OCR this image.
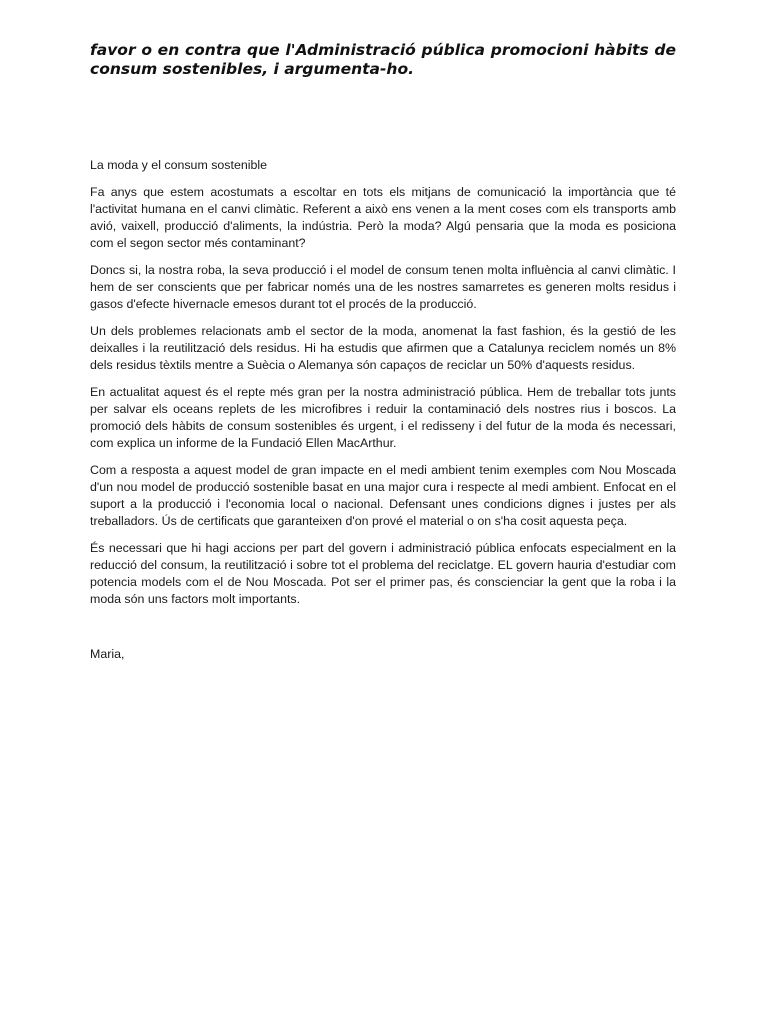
favor o en contra que l'Administració pública promocioni hàbits de consum sostenibles, i argumenta-ho.

La moda y el consum sostenible

Fa anys que estem acostumats a escoltar en tots els mitjans de comunicació la importància que té l'activitat humana en el canvi climàtic. Referent a això ens venen a la ment coses com els transports amb avió, vaixell, producció d'aliments, la indústria. Però la moda? Algú pensaria que la moda es posiciona com el segon sector més contaminant?

Doncs si, la nostra roba, la seva producció i el model de consum tenen molta influència al canvi climàtic. I hem de ser conscients que per fabricar només una de les nostres samarretes es generen molts residus i gasos d'efecte hivernacle emesos durant tot el procés de la producció.

Un dels problemes relacionats amb el sector de la moda, anomenat la fast fashion, és la gestió de les deixalles i la reutilització dels residus. Hi ha estudis que afirmen que a Catalunya reciclem només un 8% dels residus tèxtils mentre a Suècia o Alemanya són capaços de reciclar un 50% d'aquests residus.

En actualitat aquest és el repte més gran per la nostra administració pública. Hem de treballar tots junts per salvar els oceans replets de les microfibres i reduir la contaminació dels nostres rius i boscos. La promoció dels hàbits de consum sostenibles és urgent, i el redisseny i del futur de la moda és necessari, com explica un informe de la Fundació Ellen MacArthur.

Com a resposta a aquest model de gran impacte en el medi ambient tenim exemples com Nou Moscada d'un nou model de producció sostenible basat en una major cura i respecte al medi ambient. Enfocat en el suport a la producció i l'economia local o nacional. Defensant unes condicions dignes i justes per als treballadors. Ús de certificats que garanteixen d'on prové el material o on s'ha cosit aquesta peça.

És necessari que hi hagi accions per part del govern i administració pública enfocats especialment en la reducció del consum, la reutilització i sobre tot el problema del reciclatge. EL govern hauria d'estudiar com potencia models com el de Nou Moscada. Pot ser el primer pas, és conscienciar la gent que la roba i la moda són uns factors molt importants.

Maria,
